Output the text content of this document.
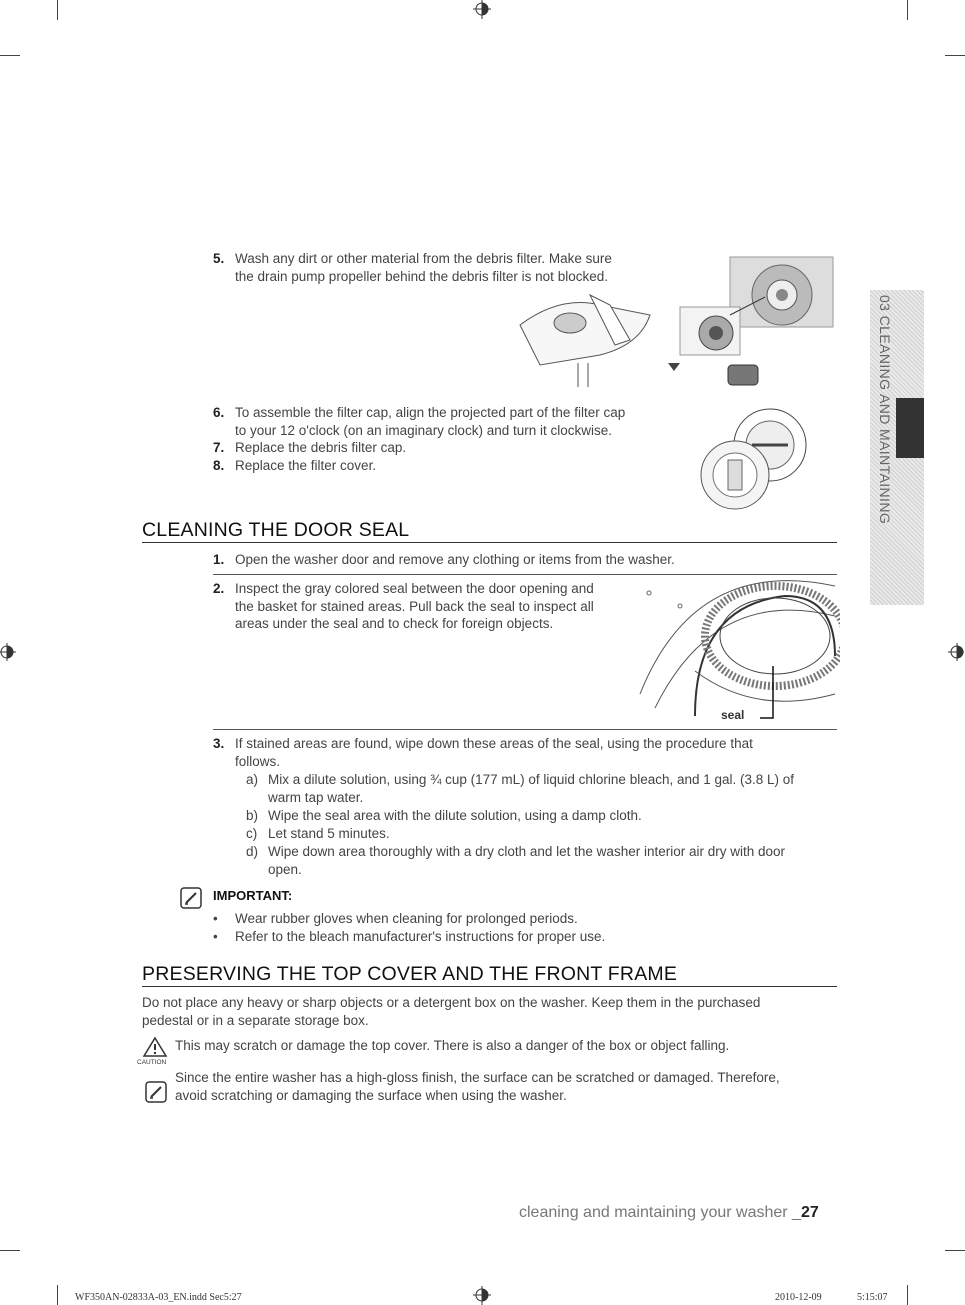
03 CLEANING AND MAINTAINING
5. Wash any dirt or other material from the debris filter. Make sure
the drain pump propeller behind the debris filter is not blocked.
6. To assemble the filter cap, align the projected part of the filter cap
to your 12 o'clock (on an imaginary clock) and turn it clockwise.
7. Replace the debris filter cap.
8. Replace the filter cover.
CLEANING THE DOOR SEAL
1. Open the washer door and remove any clothing or items from the washer.
2. Inspect the gray colored seal between the door opening and
the basket for stained areas. Pull back the seal to inspect all
areas under the seal and to check for foreign objects.
seal
3. If stained areas are found, wipe down these areas of the seal, using the procedure that
follows.
a) Mix a dilute solution, using ¾ cup (177 mL) of liquid chlorine bleach, and 1 gal. (3.8 L) of
warm tap water.
b) Wipe the seal area with the dilute solution, using a damp cloth.
c) Let stand 5 minutes.
d) Wipe down area thoroughly with a dry cloth and let the washer interior air dry with door
open.
IMPORTANT:
• Wear rubber gloves when cleaning for prolonged periods.
• Refer to the bleach manufacturer's instructions for proper use.
PRESERVING THE TOP COVER AND THE FRONT FRAME
Do not place any heavy or sharp objects or a detergent box on the washer. Keep them in the purchased
pedestal or in a separate storage box.
CAUTION
This may scratch or damage the top cover. There is also a danger of the box or object falling.
Since the entire washer has a high-gloss finish, the surface can be scratched or damaged. Therefore,
avoid scratching or damaging the surface when using the washer.
cleaning and maintaining your washer _27
WF350AN-02833A-03_EN.indd Sec5:27	2010-12-09	5:15:07
